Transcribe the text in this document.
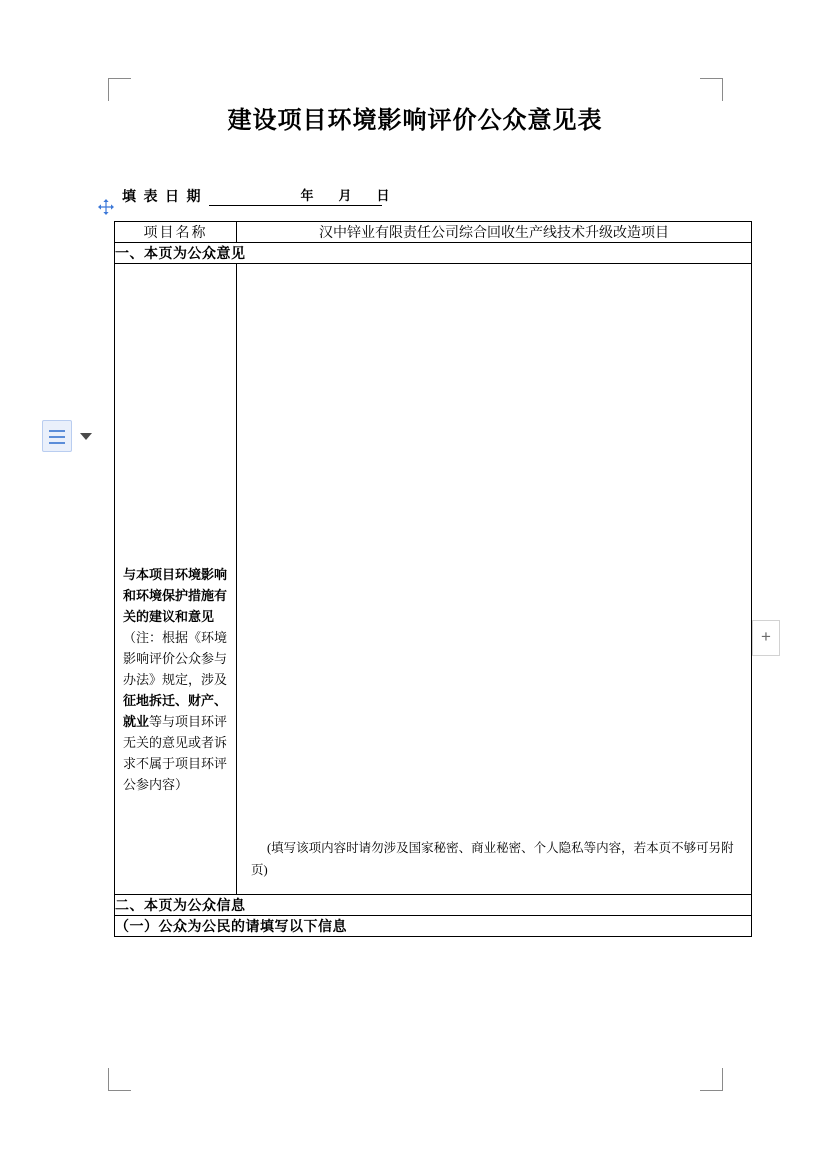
建设项目环境影响评价公众意见表
填 表 日 期	年 月 日
项目名称	汉中锌业有限责任公司综合回收生产线技术升级改造项目
一、本页为公众意见	

与本项目环境影响和环境保护措施有关的建议和意见（注：根据《环境影响评价公众参与办法》规定，涉及征地拆迁、财产、就业等与项目环评无关的意见或者诉求不属于项目环评公参内容）	(填写该项内容时请勿涉及国家秘密、商业秘密、个人隐私等内容，若本页不够可另附页)

二、本页为公众信息	
（一）公众为公民的请填写以下信息	
+
